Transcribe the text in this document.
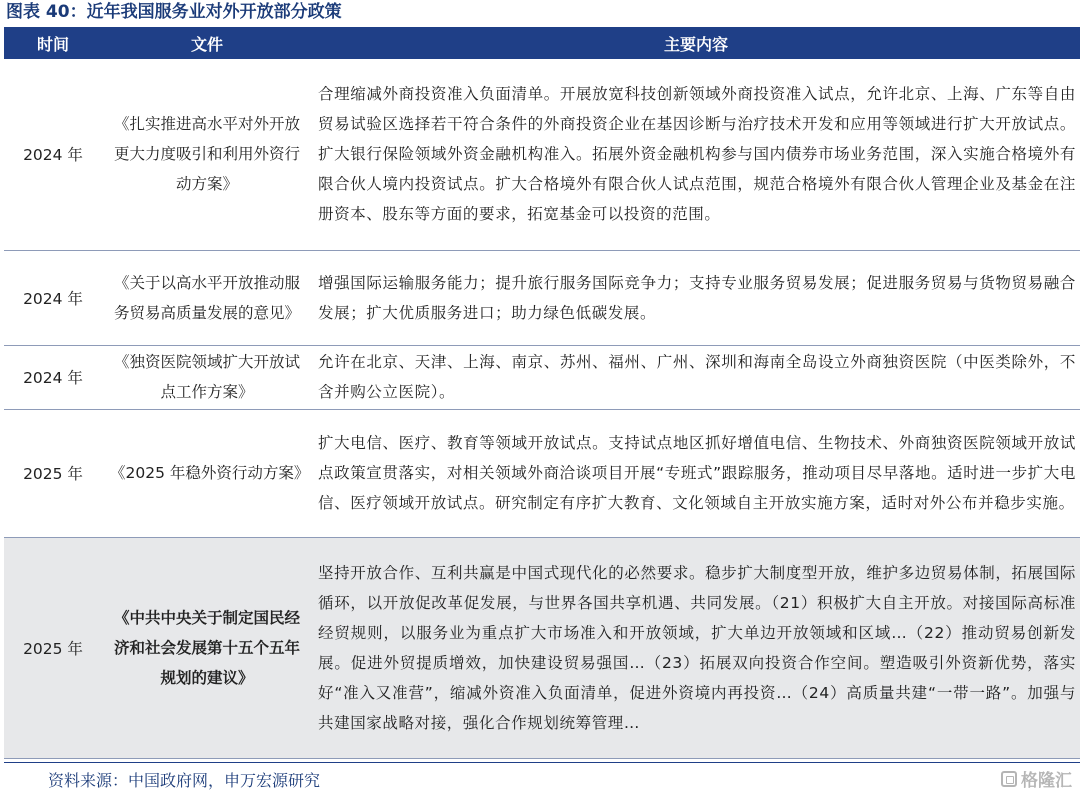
图表 40：近年我国服务业对外开放部分政策
时间	文件	主要内容
2024 年	《扎实推进高水平对外开放更大力度吸引和利用外资行动方案》	合理缩减外商投资准入负面清单。开展放宽科技创新领域外商投资准入试点，允许北京、上海、广东等自由贸易试验区选择若干符合条件的外商投资企业在基因诊断与治疗技术开发和应用等领域进行扩大开放试点。扩大银行保险领域外资金融机构准入。拓展外资金融机构参与国内债券市场业务范围，深入实施合格境外有限合伙人境内投资试点。扩大合格境外有限合伙人试点范围，规范合格境外有限合伙人管理企业及基金在注册资本、股东等方面的要求，拓宽基金可以投资的范围。
2024 年	《关于以高水平开放推动服务贸易高质量发展的意见》	增强国际运输服务能力；提升旅行服务国际竞争力；支持专业服务贸易发展；促进服务贸易与货物贸易融合发展；扩大优质服务进口；助力绿色低碳发展。
2024 年	《独资医院领域扩大开放试点工作方案》	允许在北京、天津、上海、南京、苏州、福州、广州、深圳和海南全岛设立外商独资医院（中医类除外，不含并购公立医院）。
2025 年	《2025 年稳外资行动方案》	扩大电信、医疗、教育等领域开放试点。支持试点地区抓好增值电信、生物技术、外商独资医院领域开放试点政策宣贯落实，对相关领域外商洽谈项目开展“专班式”跟踪服务，推动项目尽早落地。适时进一步扩大电信、医疗领域开放试点。研究制定有序扩大教育、文化领域自主开放实施方案，适时对外公布并稳步实施。
2025 年	《中共中央关于制定国民经济和社会发展第十五个五年规划的建议》	坚持开放合作、互利共赢是中国式现代化的必然要求。稳步扩大制度型开放，维护多边贸易体制，拓展国际循环，以开放促改革促发展，与世界各国共享机遇、共同发展。（21）积极扩大自主开放。对接国际高标准经贸规则，以服务业为重点扩大市场准入和开放领域，扩大单边开放领域和区域…（22）推动贸易创新发展。促进外贸提质增效，加快建设贸易强国…（23）拓展双向投资合作空间。塑造吸引外资新优势，落实好“准入又准营”，缩减外资准入负面清单，促进外资境内再投资…（24）高质量共建“一带一路”。加强与共建国家战略对接，强化合作规划统筹管理…
资料来源：中国政府网，申万宏源研究	格隆汇
